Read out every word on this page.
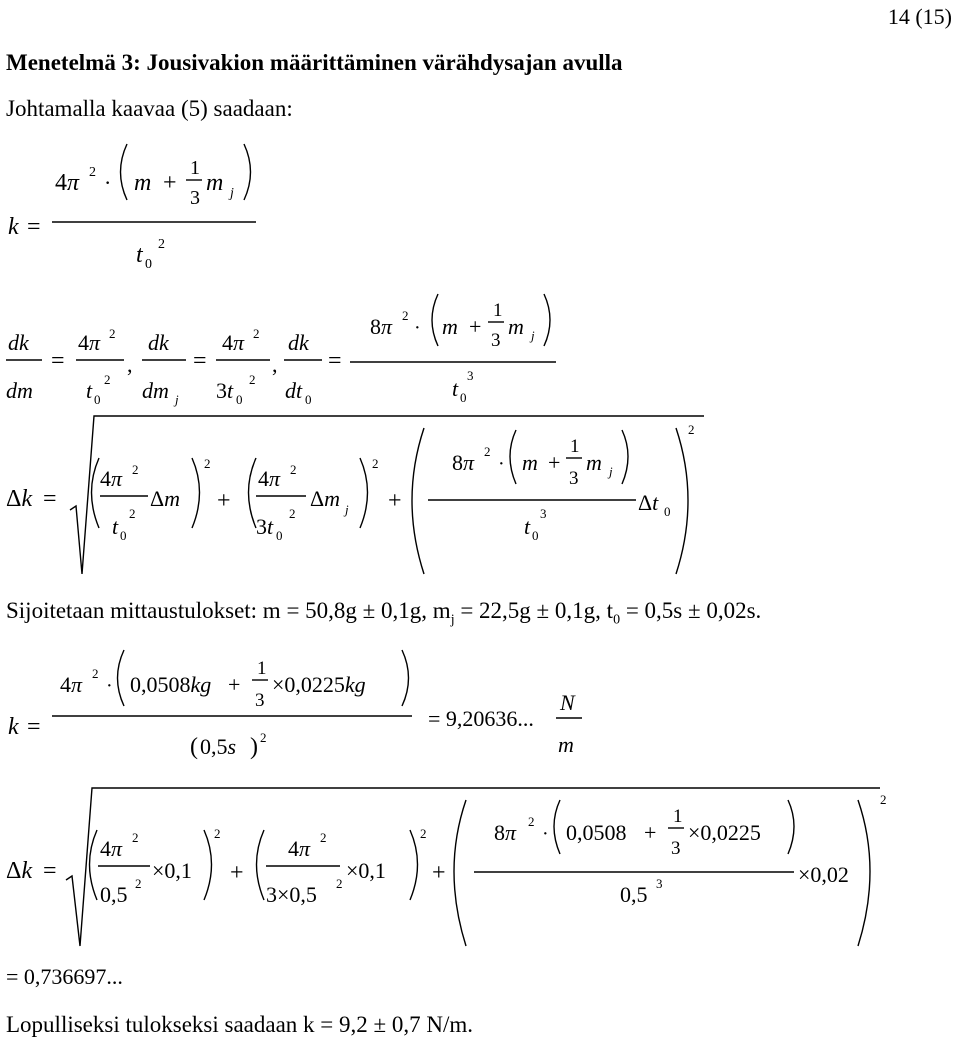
14 (15)
Menetelmä 3: Jousivakion määrittäminen värähdysajan avulla
Johtamalla kaavaa (5) saadaan:
Sijoitetaan mittaustulokset: m = 50,8g ± 0,1g, $m_j = 22,5g \pm 0,1g$, $t_0 = 0,5s \pm 0,02s$.
Lopulliseksi tulokseksi saadaan k = 9,2 ± 0,7 N/m.
k =
4π 2 · m +
1
3
m j
t 0
2
dk
dm
=
4π 2
t 0
2
,
dk
dm j
=
4π 2
3t 0
2
,
dk
dt 0
=
8π 2
· m +
1
3
m j
t 0
3
Δk =
4π 2
t 0
2
Δm
2
+
4π 2
3t 0
2
Δm j
2
+
8π 2
· m +
1
3
m j
t 0
3	Δt 0
2
k =
4π 2
· 0,0508kg +
1
3
×0,0225kg
( 0,5s ) 2
= 9,20636...
N
m
Δk =
4π 2
0,5 2
×0,1
2
+
4π 2
3×0,5 2
×0,1
2
+
8π 2
· 0,0508 +
1
3
×0,0225
0,5 3	×0,02
2
= 0,736697...
